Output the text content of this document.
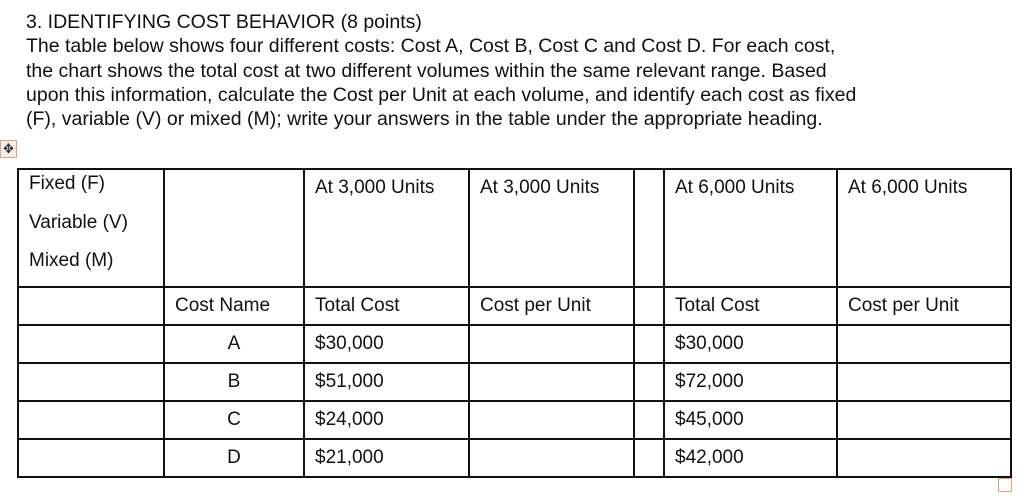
3. IDENTIFYING COST BEHAVIOR (8 points)
The table below shows four different costs: Cost A, Cost B, Cost C and Cost D. For each cost,
the chart shows the total cost at two different volumes within the same relevant range. Based
upon this information, calculate the Cost per Unit at each volume, and identify each cost as fixed
(F), variable (V) or mixed (M); write your answers in the table under the appropriate heading.
✥
Fixed (F)
Variable (V)
Mixed (M)		At 3,000 Units	At 3,000 Units		At 6,000 Units	At 6,000 Units
	Cost Name	Total Cost	Cost per Unit		Total Cost	Cost per Unit
	A	$30,000			$30,000	
	B	$51,000			$72,000	
	C	$24,000			$45,000	
	D	$21,000			$42,000	
